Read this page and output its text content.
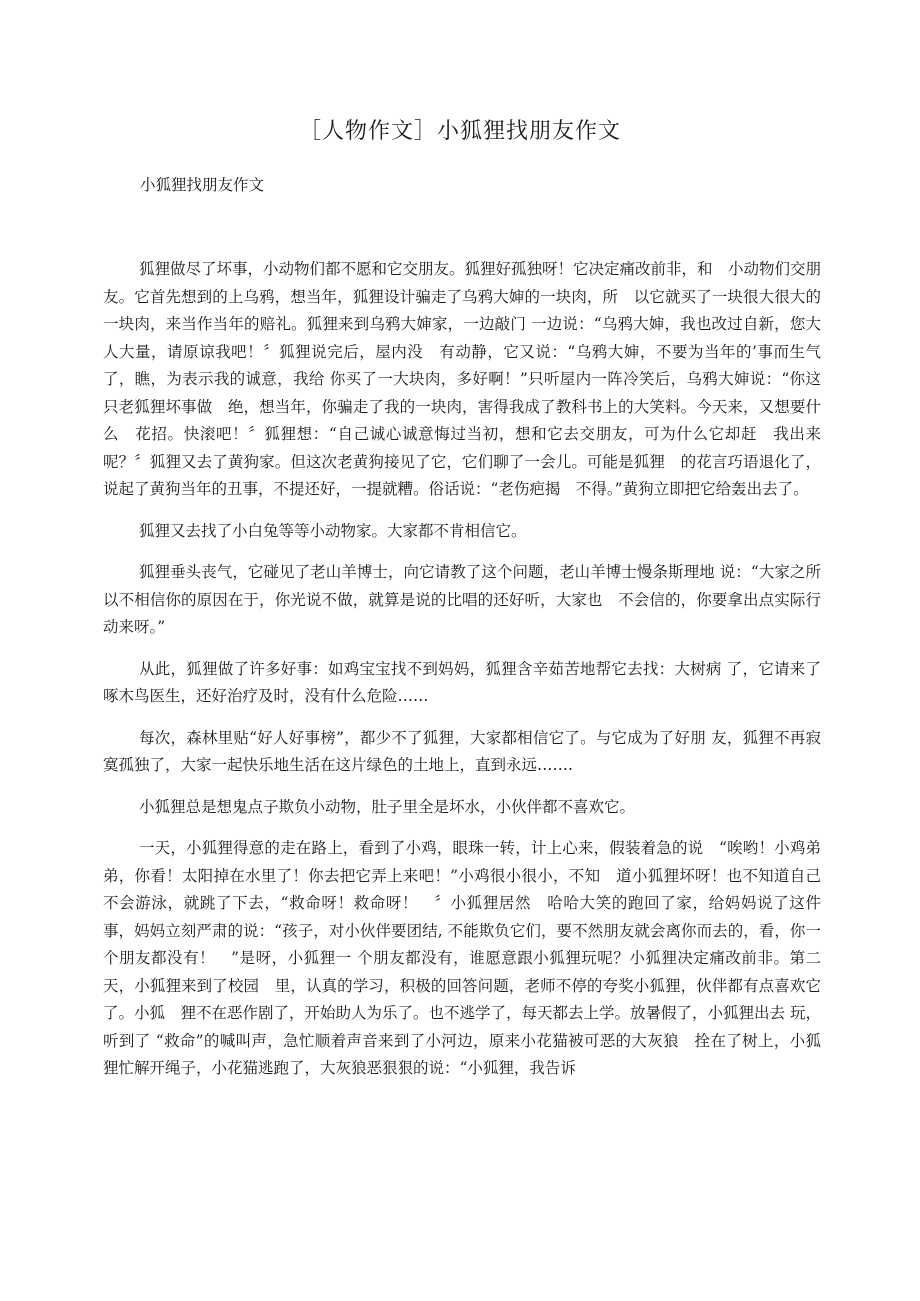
［人物作文］小狐狸找朋友作文

小狐狸找朋友作文

狐狸做尽了坏事，小动物们都不愿和它交朋友。狐狸好孤独呀！它决定痛改前非，和　小动物们交朋友。它首先想到的上乌鸦，想当年，狐狸设计骗走了乌鸦大婶的一块肉，所　以它就买了一块很大很大的一块肉，来当作当年的赔礼。狐狸来到乌鸦大婶家，一边敲门 一边说：“乌鸦大婶，我也改过自新，您大人大量，请原谅我吧！〞狐狸说完后，屋内没　有动静，它又说：“乌鸦大婶，不要为当年的’事而生气了，瞧，为表示我的诚意，我给 你买了一大块肉，多好啊！”只听屋内一阵冷笑后，乌鸦大婶说：“你这只老狐狸坏事做　绝，想当年，你骗走了我的一块肉，害得我成了教科书上的大笑料。今天来，又想要什么　花招。快滚吧！〞狐狸想：“自己诚心诚意悔过当初，想和它去交朋友，可为什么它却赶　我出来呢？〞狐狸又去了黄狗家。但这次老黄狗接见了它，它们聊了一会儿。可能是狐狸　的花言巧语退化了，说起了黄狗当年的丑事，不提还好，一提就糟。俗话说：“老伤疤揭　不得。”黄狗立即把它给轰出去了。

狐狸又去找了小白兔等等小动物家。大家都不肯相信它。

狐狸垂头丧气，它碰见了老山羊博士，向它请教了这个问题，老山羊博士慢条斯理地 说：“大家之所以不相信你的原因在于，你光说不做，就算是说的比唱的还好听，大家也　不会信的，你要拿出点实际行动来呀。”

从此，狐狸做了许多好事：如鸡宝宝找不到妈妈，狐狸含辛茹苦地帮它去找：大树病 了，它请来了啄木鸟医生，还好治疗及时，没有什么危险……

每次，森林里贴“好人好事榜”，都少不了狐狸，大家都相信它了。与它成为了好朋 友，狐狸不再寂寞孤独了，大家一起快乐地生活在这片绿色的土地上，直到永远…….

小狐狸总是想鬼点子欺负小动物，肚子里全是坏水，小伙伴都不喜欢它。

一天，小狐狸得意的走在路上，看到了小鸡，眼珠一转，计上心来，假装着急的说　“唉哟！小鸡弟弟，你看！太阳掉在水里了！你去把它弄上来吧！”小鸡很小很小，不知　道小狐狸坏呀！也不知道自己不会游泳，就跳了下去，“救命呀！救命呀！　〞小狐狸居然　哈哈大笑的跑回了家，给妈妈说了这件事，妈妈立刻严肃的说：“孩子，对小伙伴要团结, 不能欺负它们，要不然朋友就会离你而去的，看，你一个朋友都没有！　”是呀，小狐狸一 个朋友都没有，谁愿意跟小狐狸玩呢？小狐狸决定痛改前非。第二天，小狐狸来到了校园　里，认真的学习，积极的回答问题，老师不停的夸奖小狐狸，伙伴都有点喜欢它了。小狐　狸不在恶作剧了，开始助人为乐了。也不逃学了，每天都去上学。放暑假了，小狐狸出去 玩，听到了 “救命”的喊叫声，急忙顺着声音来到了小河边，原来小花猫被可恶的大灰狼　拴在了树上，小狐狸忙解开绳子，小花猫逃跑了，大灰狼恶狠狠的说：“小狐狸，我告诉
